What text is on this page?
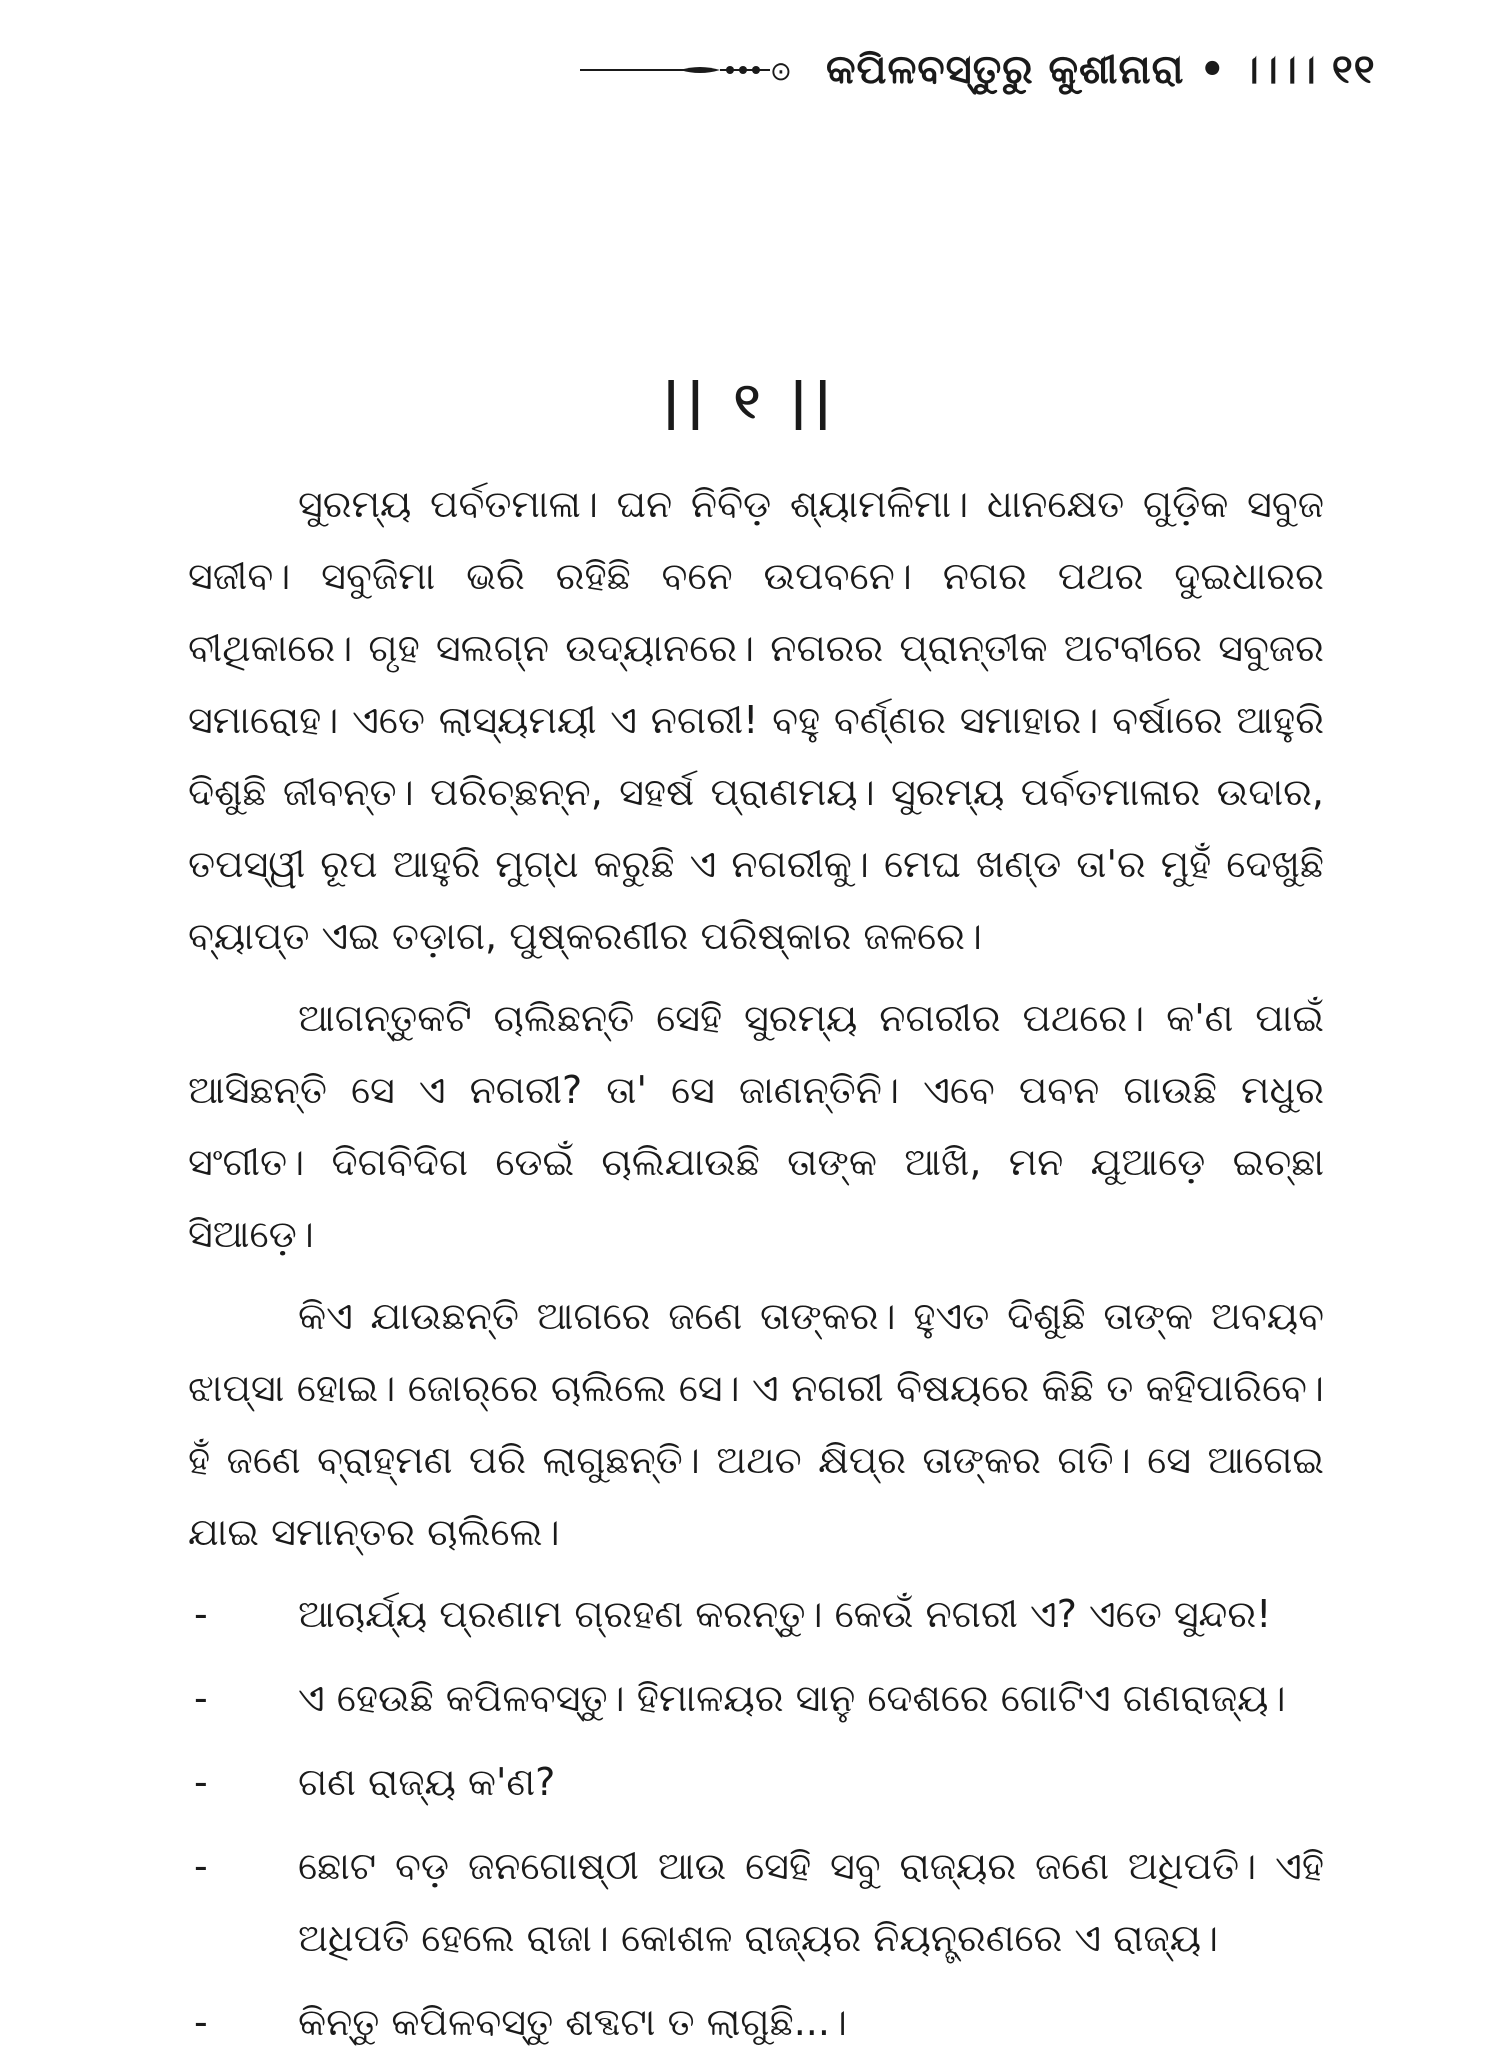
⊙ କପିଳବସ୍ତୁରୁ କୁଶୀନାରା • ।।।। ୧୧
|| ୧ ||

ସୁରମ୍ୟ ପର୍ବତମାଳା। ଘନ ନିବିଡ଼ ଶ୍ୟାମଳିମା। ଧାନକ୍ଷେତ ଗୁଡ଼ିକ ସବୁଜ ସଜୀବ। ସବୁଜିମା ଭରି ରହିଛି ବନେ ଉପବନେ। ନଗର ପଥର ଦୁଇଧାରର ବୀଥିକାରେ। ଗୃହ ସଲଗ୍ନ ଉଦ୍ୟାନରେ। ନଗରର ପ୍ରାନ୍ତୀକ ଅଟବୀରେ ସବୁଜର ସମାରୋହ। ଏତେ ଲାସ୍ୟମୟୀ ଏ ନଗରୀ! ବହୁ ବର୍ଣ୍ଣର ସମାହାର। ବର୍ଷାରେ ଆହୁରି ଦିଶୁଛି ଜୀବନ୍ତ। ପରିଚ୍ଛନ୍ନ, ସହର୍ଷ ପ୍ରାଣମୟ। ସୁରମ୍ୟ ପର୍ବତମାଳାର ଉଦାର, ତପସ୍ୱୀ ରୂପ ଆହୁରି ମୁଗ୍ଧ କରୁଛି ଏ ନଗରୀକୁ। ମେଘ ଖଣ୍ଡ ତା'ର ମୁହଁ ଦେଖୁଛି ବ୍ୟାପ୍ତ ଏଇ ତଡ଼ାଗ, ପୁଷ୍କରଣୀର ପରିଷ୍କାର ଜଳରେ।

ଆଗନ୍ତୁକଟି ଚାଲିଛନ୍ତି ସେହି ସୁରମ୍ୟ ନଗରୀର ପଥରେ। କ'ଣ ପାଇଁ ଆସିଛନ୍ତି ସେ ଏ ନଗରୀ? ତା' ସେ ଜାଣନ୍ତିନି। ଏବେ ପବନ ଗାଉଛି ମଧୁର ସଂଗୀତ। ଦିଗବିଦିଗ ଡେଇଁ ଚାଲିଯାଉଛି ତାଙ୍କ ଆଖି, ମନ ଯୁଆଡ଼େ ଇଚ୍ଛା ସିଆଡ଼େ।

କିଏ ଯାଉଛନ୍ତି ଆଗରେ ଜଣେ ତାଙ୍କର। ହୁଏତ ଦିଶୁଛି ତାଙ୍କ ଅବୟବ ଝାପ୍‌ସା ହୋଇ। ଜୋର୍‌ରେ ଚାଲିଲେ ସେ। ଏ ନଗରୀ ବିଷୟରେ କିଛି ତ କହିପାରିବେ। ହଁ ଜଣେ ବ୍ରାହ୍ମଣ ପରି ଲାଗୁଛନ୍ତି। ଅଥଚ କ୍ଷିପ୍ର ତାଙ୍କର ଗତି। ସେ ଆଗେଇ ଯାଇ ସମାନ୍ତର ଚାଲିଲେ।

- ଆଚାର୍ଯ୍ୟ ପ୍ରଣାମ ଗ୍ରହଣ କରନ୍ତୁ। କେଉଁ ନଗରୀ ଏ? ଏତେ ସୁନ୍ଦର!
- ଏ ହେଉଛି କପିଳବସ୍ତୁ। ହିମାଳୟର ସାନୁ ଦେଶରେ ଗୋଟିଏ ଗଣରାଜ୍ୟ।
- ଗଣ ରାଜ୍ୟ କ'ଣ?
- ଛୋଟ ବଡ଼ ଜନଗୋଷ୍ଠୀ ଆଉ ସେହି ସବୁ ରାଜ୍ୟର ଜଣେ ଅଧିପତି। ଏହି ଅଧିପତି ହେଲେ ରାଜା। କୋଶଳ ରାଜ୍ୟର ନିୟନ୍ତ୍ରଣରେ ଏ ରାଜ୍ୟ।
- କିନ୍ତୁ କପିଳବସ୍ତୁ ଶବ୍ଦଟା ତ ଲାଗୁଛି...।
